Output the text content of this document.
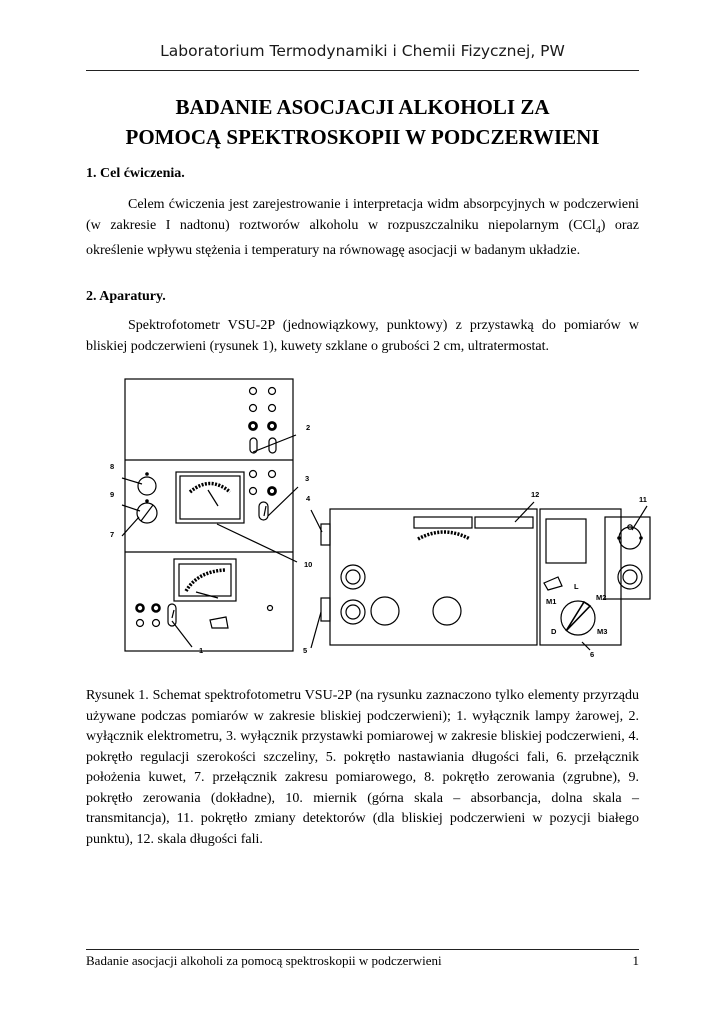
Laboratorium Termodynamiki i Chemii Fizycznej, PW
BADANIE ASOCJACJI ALKOHOLI ZA
POMOCĄ SPEKTROSKOPII W PODCZERWIENI
1. Cel ćwiczenia.

Celem ćwiczenia jest zarejestrowanie i interpretacja widm absorpcyjnych w podczerwieni (w zakresie I nadtonu) roztworów alkoholu w rozpuszczalniku niepolarnym (CCl$_4$) oraz określenie wpływu stężenia i temperatury na równowagę asocjacji w badanym układzie.

2. Aparatury.

Spektrofotometr VSU-2P (jednowiązkowy, punktowy) z przystawką do pomiarów w bliskiej podczerwieni (rysunek 1), kuwety szklane o grubości 2 cm, ultratermostat.

2
3
4
8
9
7
10
1	5
12
11
6
L
M1	M2
D	M3

Rysunek 1. Schemat spektrofotometru VSU-2P (na rysunku zaznaczono tylko elementy przyrządu używane podczas pomiarów w zakresie bliskiej podczerwieni); 1. wyłącznik lampy żarowej, 2. wyłącznik elektrometru, 3. wyłącznik przystawki pomiarowej w zakresie bliskiej podczerwieni, 4. pokrętło regulacji szerokości szczeliny, 5. pokrętło nastawiania długości fali, 6. przełącznik położenia kuwet, 7. przełącznik zakresu pomiarowego, 8. pokrętło zerowania (zgrubne), 9. pokrętło zerowania (dokładne), 10. miernik (górna skala – absorbancja, dolna skala – transmitancja), 11. pokrętło zmiany detektorów (dla bliskiej podczerwieni w pozycji białego punktu), 12. skala długości fali.

Badanie asocjacji alkoholi za pomocą spektroskopii w podczerwieni	1
